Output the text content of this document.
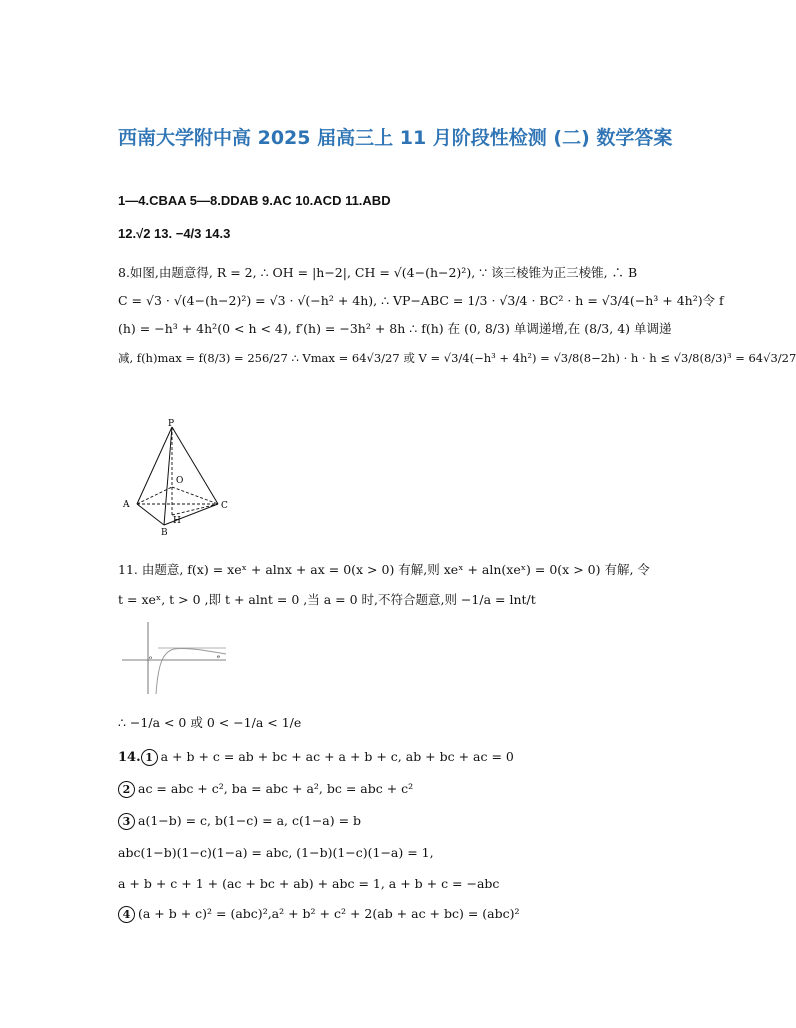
西南大学附中高 2025 届高三上 11 月阶段性检测 (二) 数学答案
1—4.CBAA 5—8.DDAB 9.AC 10.ACD 11.ABD
12.√2 13. −4/3 14.3
8.如图,由题意得, R = 2, ∴ OH = |h−2|, CH = √(4−(h−2)²), ∵ 该三棱锥为正三棱锥, ∴ B
C = √3 · √(4−(h−2)²) = √3 · √(−h² + 4h), ∴ VP−ABC = 1/3 · √3/4 · BC² · h = √3/4(−h³ + 4h²)令 f
(h) = −h³ + 4h²(0 < h < 4), f′(h) = −3h² + 8h ∴ f(h) 在 (0, 8/3) 单调递增,在 (8/3, 4) 单调递
减, f(h)max = f(8/3) = 256/27 ∴ Vmax = 64√3/27 或 V = √3/4(−h³ + 4h²) = √3/8(8−2h) · h · h ≤ √3/8(8/3)³ = 64√3/27
P
O
A	C
H
B
11. 由题意, f(x) = xeˣ + alnx + ax = 0(x > 0) 有解,则 xeˣ + aln(xeˣ) = 0(x > 0) 有解, 令
t = xeˣ, t > 0 ,即 t + alnt = 0 ,当 a = 0 时,不符合题意,则 −1/a = lnt/t
o	e
∴ −1/a < 0 或 0 < −1/a < 1/e
14. 1 a + b + c = ab + bc + ac + a + b + c, ab + bc + ac = 0
2 ac = abc + c², ba = abc + a², bc = abc + c²
3 a(1−b) = c, b(1−c) = a, c(1−a) = b
abc(1−b)(1−c)(1−a) = abc, (1−b)(1−c)(1−a) = 1,
a + b + c + 1 + (ac + bc + ab) + abc = 1, a + b + c = −abc
4 (a + b + c)² = (abc)²,a² + b² + c² + 2(ab + ac + bc) = (abc)²
